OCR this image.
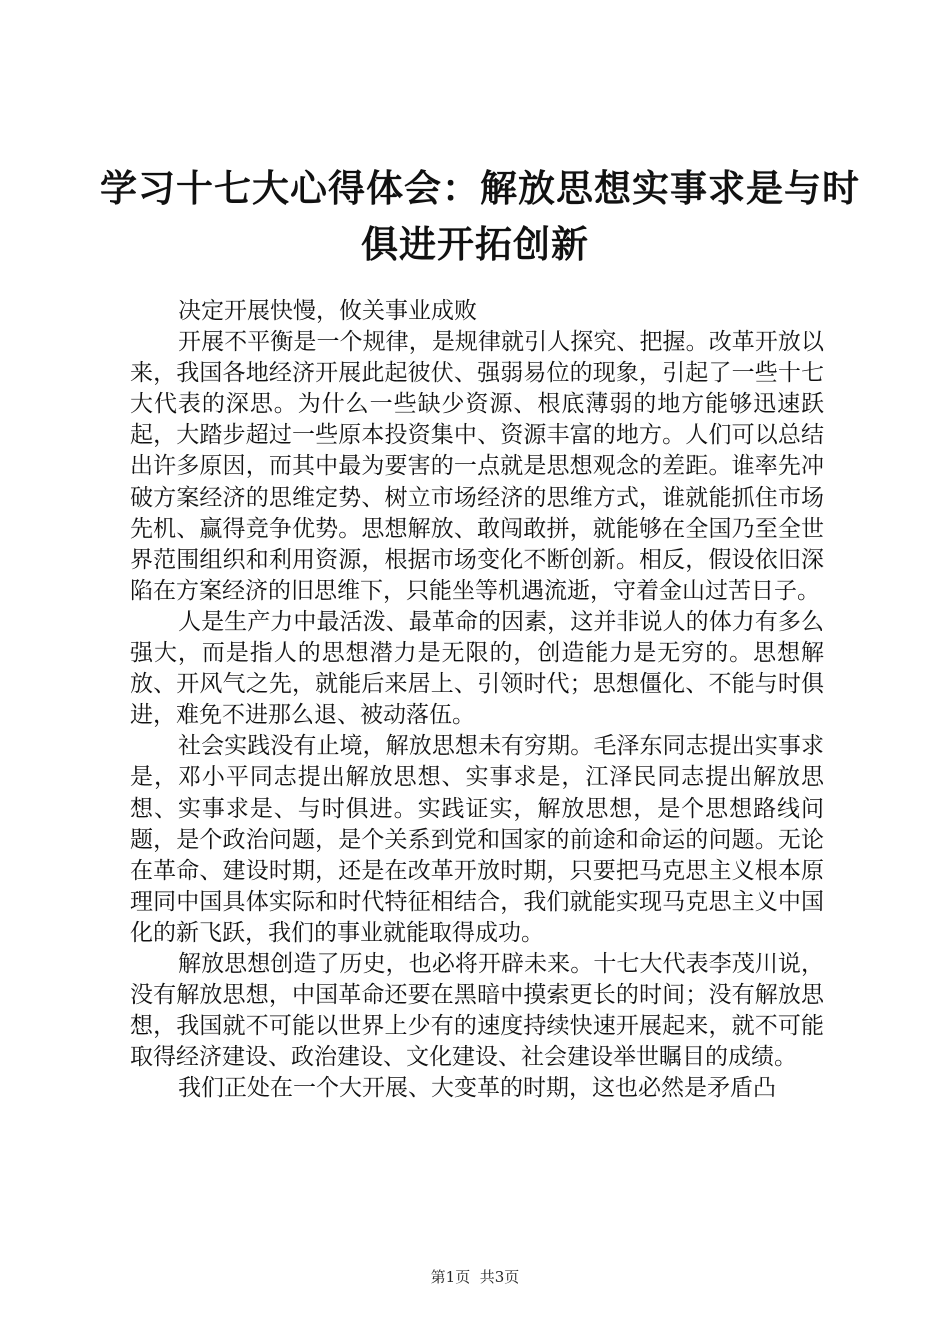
学习十七大心得体会：解放思想实事求是与时
俱进开拓创新

决定开展快慢，攸关事业成败

开展不平衡是一个规律，是规律就引人探究、把握。改革开放以来，我国各地经济开展此起彼伏、强弱易位的现象，引起了一些十七大代表的深思。为什么一些缺少资源、根底薄弱的地方能够迅速跃起，大踏步超过一些原本投资集中、资源丰富的地方。人们可以总结出许多原因，而其中最为要害的一点就是思想观念的差距。谁率先冲破方案经济的思维定势、树立市场经济的思维方式，谁就能抓住市场先机、赢得竞争优势。思想解放、敢闯敢拼，就能够在全国乃至全世界范围组织和利用资源，根据市场变化不断创新。相反，假设依旧深陷在方案经济的旧思维下，只能坐等机遇流逝，守着金山过苦日子。

人是生产力中最活泼、最革命的因素，这并非说人的体力有多么强大，而是指人的思想潜力是无限的，创造能力是无穷的。思想解放、开风气之先，就能后来居上、引领时代；思想僵化、不能与时俱进，难免不进那么退、被动落伍。

社会实践没有止境，解放思想未有穷期。毛泽东同志提出实事求是，邓小平同志提出解放思想、实事求是，江泽民同志提出解放思想、实事求是、与时俱进。实践证实，解放思想，是个思想路线问题，是个政治问题，是个关系到党和国家的前途和命运的问题。无论在革命、建设时期，还是在改革开放时期，只要把马克思主义根本原理同中国具体实际和时代特征相结合，我们就能实现马克思主义中国化的新飞跃，我们的事业就能取得成功。

解放思想创造了历史，也必将开辟未来。十七大代表李茂川说，没有解放思想，中国革命还要在黑暗中摸索更长的时间；没有解放思想，我国就不可能以世界上少有的速度持续快速开展起来，就不可能取得经济建设、政治建设、文化建设、社会建设举世瞩目的成绩。

我们正处在一个大开展、大变革的时期，这也必然是矛盾凸

第1页 共3页
